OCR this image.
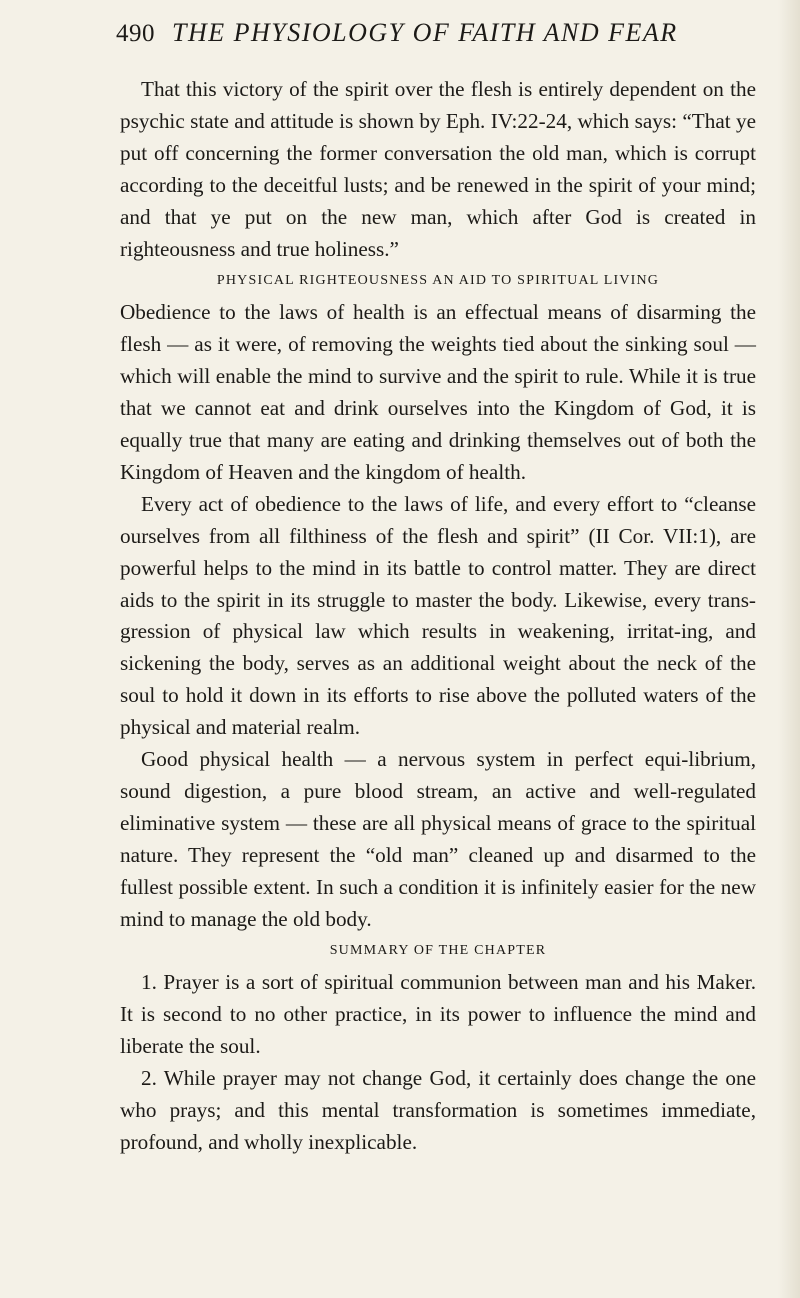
490 THE PHYSIOLOGY OF FAITH AND FEAR

That this victory of the spirit over the flesh is entirely dependent on the psychic state and attitude is shown by Eph. IV:22-24, which says: “That ye put off concerning the former conversation the old man, which is corrupt according to the deceitful lusts; and be renewed in the spirit of your mind; and that ye put on the new man, which after God is created in righteousness and true holiness.”

PHYSICAL RIGHTEOUSNESS AN AID TO SPIRITUAL LIVING

Obedience to the laws of health is an effectual means of disarming the flesh — as it were, of removing the weights tied about the sinking soul — which will enable the mind to survive and the spirit to rule. While it is true that we cannot eat and drink ourselves into the Kingdom of God, it is equally true that many are eating and drinking themselves out of both the Kingdom of Heaven and the kingdom of health.

Every act of obedience to the laws of life, and every effort to “cleanse ourselves from all filthiness of the flesh and spirit” (II Cor. VII:1), are powerful helps to the mind in its battle to control matter. They are direct aids to the spirit in its struggle to master the body. Likewise, every trans-gression of physical law which results in weakening, irritat-ing, and sickening the body, serves as an additional weight about the neck of the soul to hold it down in its efforts to rise above the polluted waters of the physical and material realm.

Good physical health — a nervous system in perfect equi-librium, sound digestion, a pure blood stream, an active and well-regulated eliminative system — these are all physical means of grace to the spiritual nature. They represent the “old man” cleaned up and disarmed to the fullest possible extent. In such a condition it is infinitely easier for the new mind to manage the old body.

SUMMARY OF THE CHAPTER

1. Prayer is a sort of spiritual communion between man and his Maker. It is second to no other practice, in its power to influence the mind and liberate the soul.

2. While prayer may not change God, it certainly does change the one who prays; and this mental transformation is sometimes immediate, profound, and wholly inexplicable.
